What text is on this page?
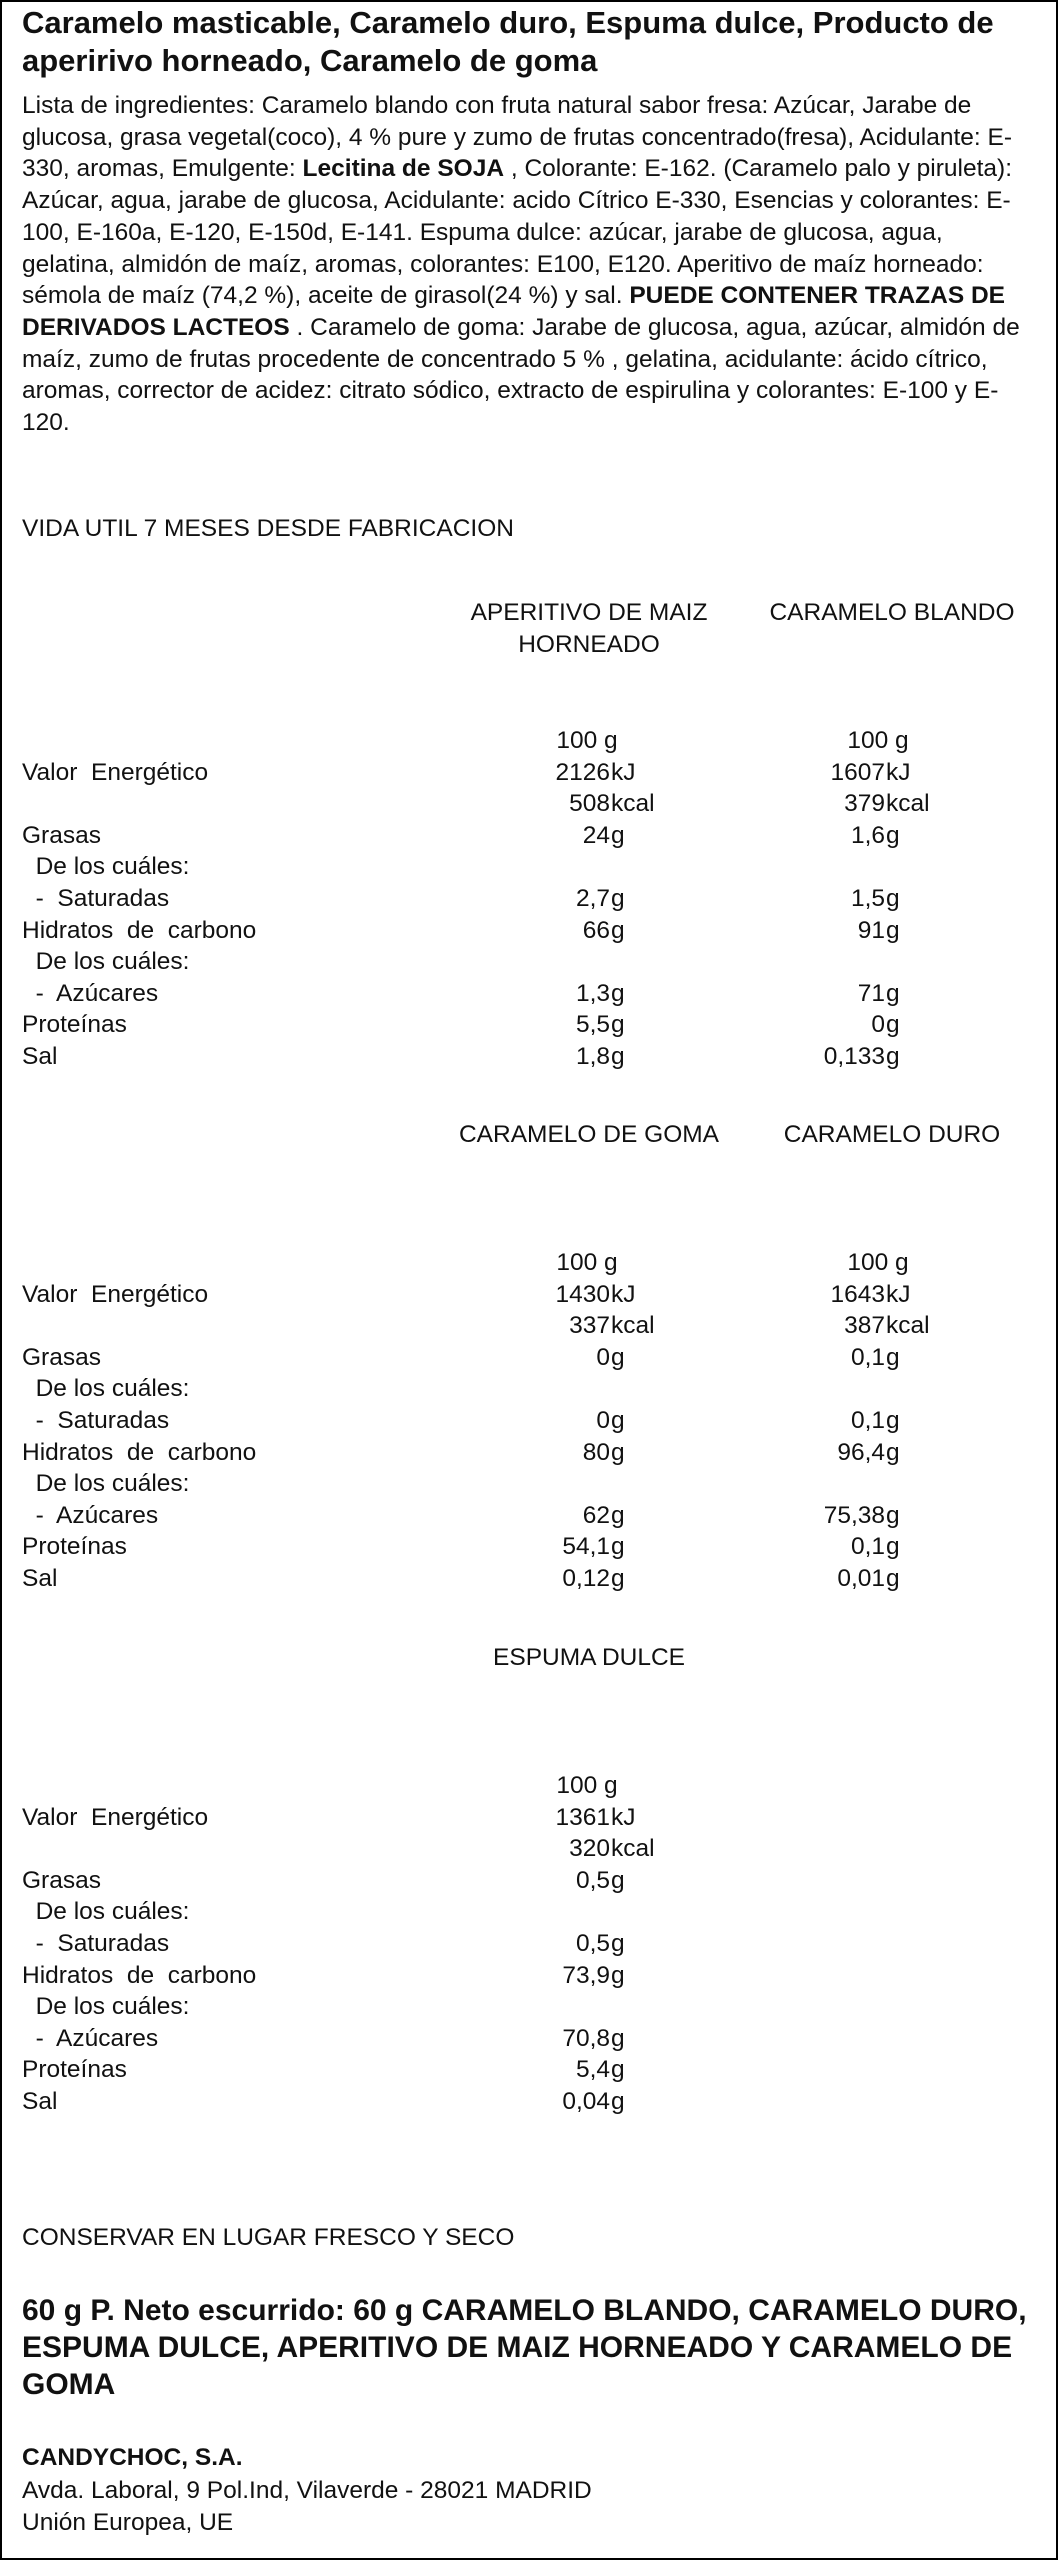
Caramelo masticable, Caramelo duro, Espuma dulce, Producto de aperirivo horneado, Caramelo de goma

Lista de ingredientes: Caramelo blando con fruta natural sabor fresa: Azúcar, Jarabe de glucosa, grasa vegetal(coco), 4 % pure y zumo de frutas concentrado(fresa), Acidulante: E-330, aromas, Emulgente: Lecitina de SOJA , Colorante: E-162. (Caramelo palo y piruleta): Azúcar, agua, jarabe de glucosa, Acidulante: acido Cítrico E-330, Esencias y colorantes: E-100, E-160a, E-120, E-150d, E-141. Espuma dulce: azúcar, jarabe de glucosa, agua, gelatina, almidón de maíz, aromas, colorantes: E100, E120. Aperitivo de maíz horneado: sémola de maíz (74,2 %), aceite de girasol(24 %) y sal. PUEDE CONTENER TRAZAS DE DERIVADOS LACTEOS . Caramelo de goma: Jarabe de glucosa, agua, azúcar, almidón de maíz, zumo de frutas procedente de concentrado 5 % , gelatina, acidulante: ácido cítrico, aromas, corrector de acidez: citrato sódico, extracto de espirulina y colorantes: E-100 y E-120.

VIDA UTIL 7 MESES DESDE FABRICACION

APERITIVO DE MAIZ HORNEADO

CARAMELO BLANDO

Valor  Energético

Grasas

De los cuáles:

-  Saturadas

Hidratos  de  carbono

De los cuáles:

-  Azúcares

Proteínas

Sal

100 g

2126 kJ

508 kcal

24 g

2,7 g

66 g

1,3 g

5,5 g

1,8 g

100 g

1607 kJ

379 kcal

1,6 g

1,5 g

91 g

71 g

0 g

0,133 g

CARAMELO DE GOMA	CARAMELO DURO

Valor  Energético

Grasas

De los cuáles:

-  Saturadas

Hidratos  de  carbono

De los cuáles:

-  Azúcares

Proteínas

Sal

100 g

1430 kJ

337 kcal

0 g

0 g

80 g

62 g

54,1 g

0,12 g

100 g

1643 kJ

387 kcal

0,1 g

0,1 g

96,4 g

75,38 g

0,1 g

0,01 g

ESPUMA DULCE

Valor  Energético

Grasas

De los cuáles:

-  Saturadas

Hidratos  de  carbono

De los cuáles:

-  Azúcares

Proteínas

Sal

100 g

1361 kJ

320 kcal

0,5 g

0,5 g

73,9 g

70,8 g

5,4 g

0,04 g

CONSERVAR EN LUGAR FRESCO Y SECO

60 g P. Neto escurrido: 60 g CARAMELO BLANDO, CARAMELO DURO, ESPUMA DULCE, APERITIVO DE MAIZ HORNEADO Y CARAMELO DE GOMA

CANDYCHOC, S.A.

Avda. Laboral, 9 Pol.Ind, Vilaverde - 28021 MADRID

Unión Europea, UE
